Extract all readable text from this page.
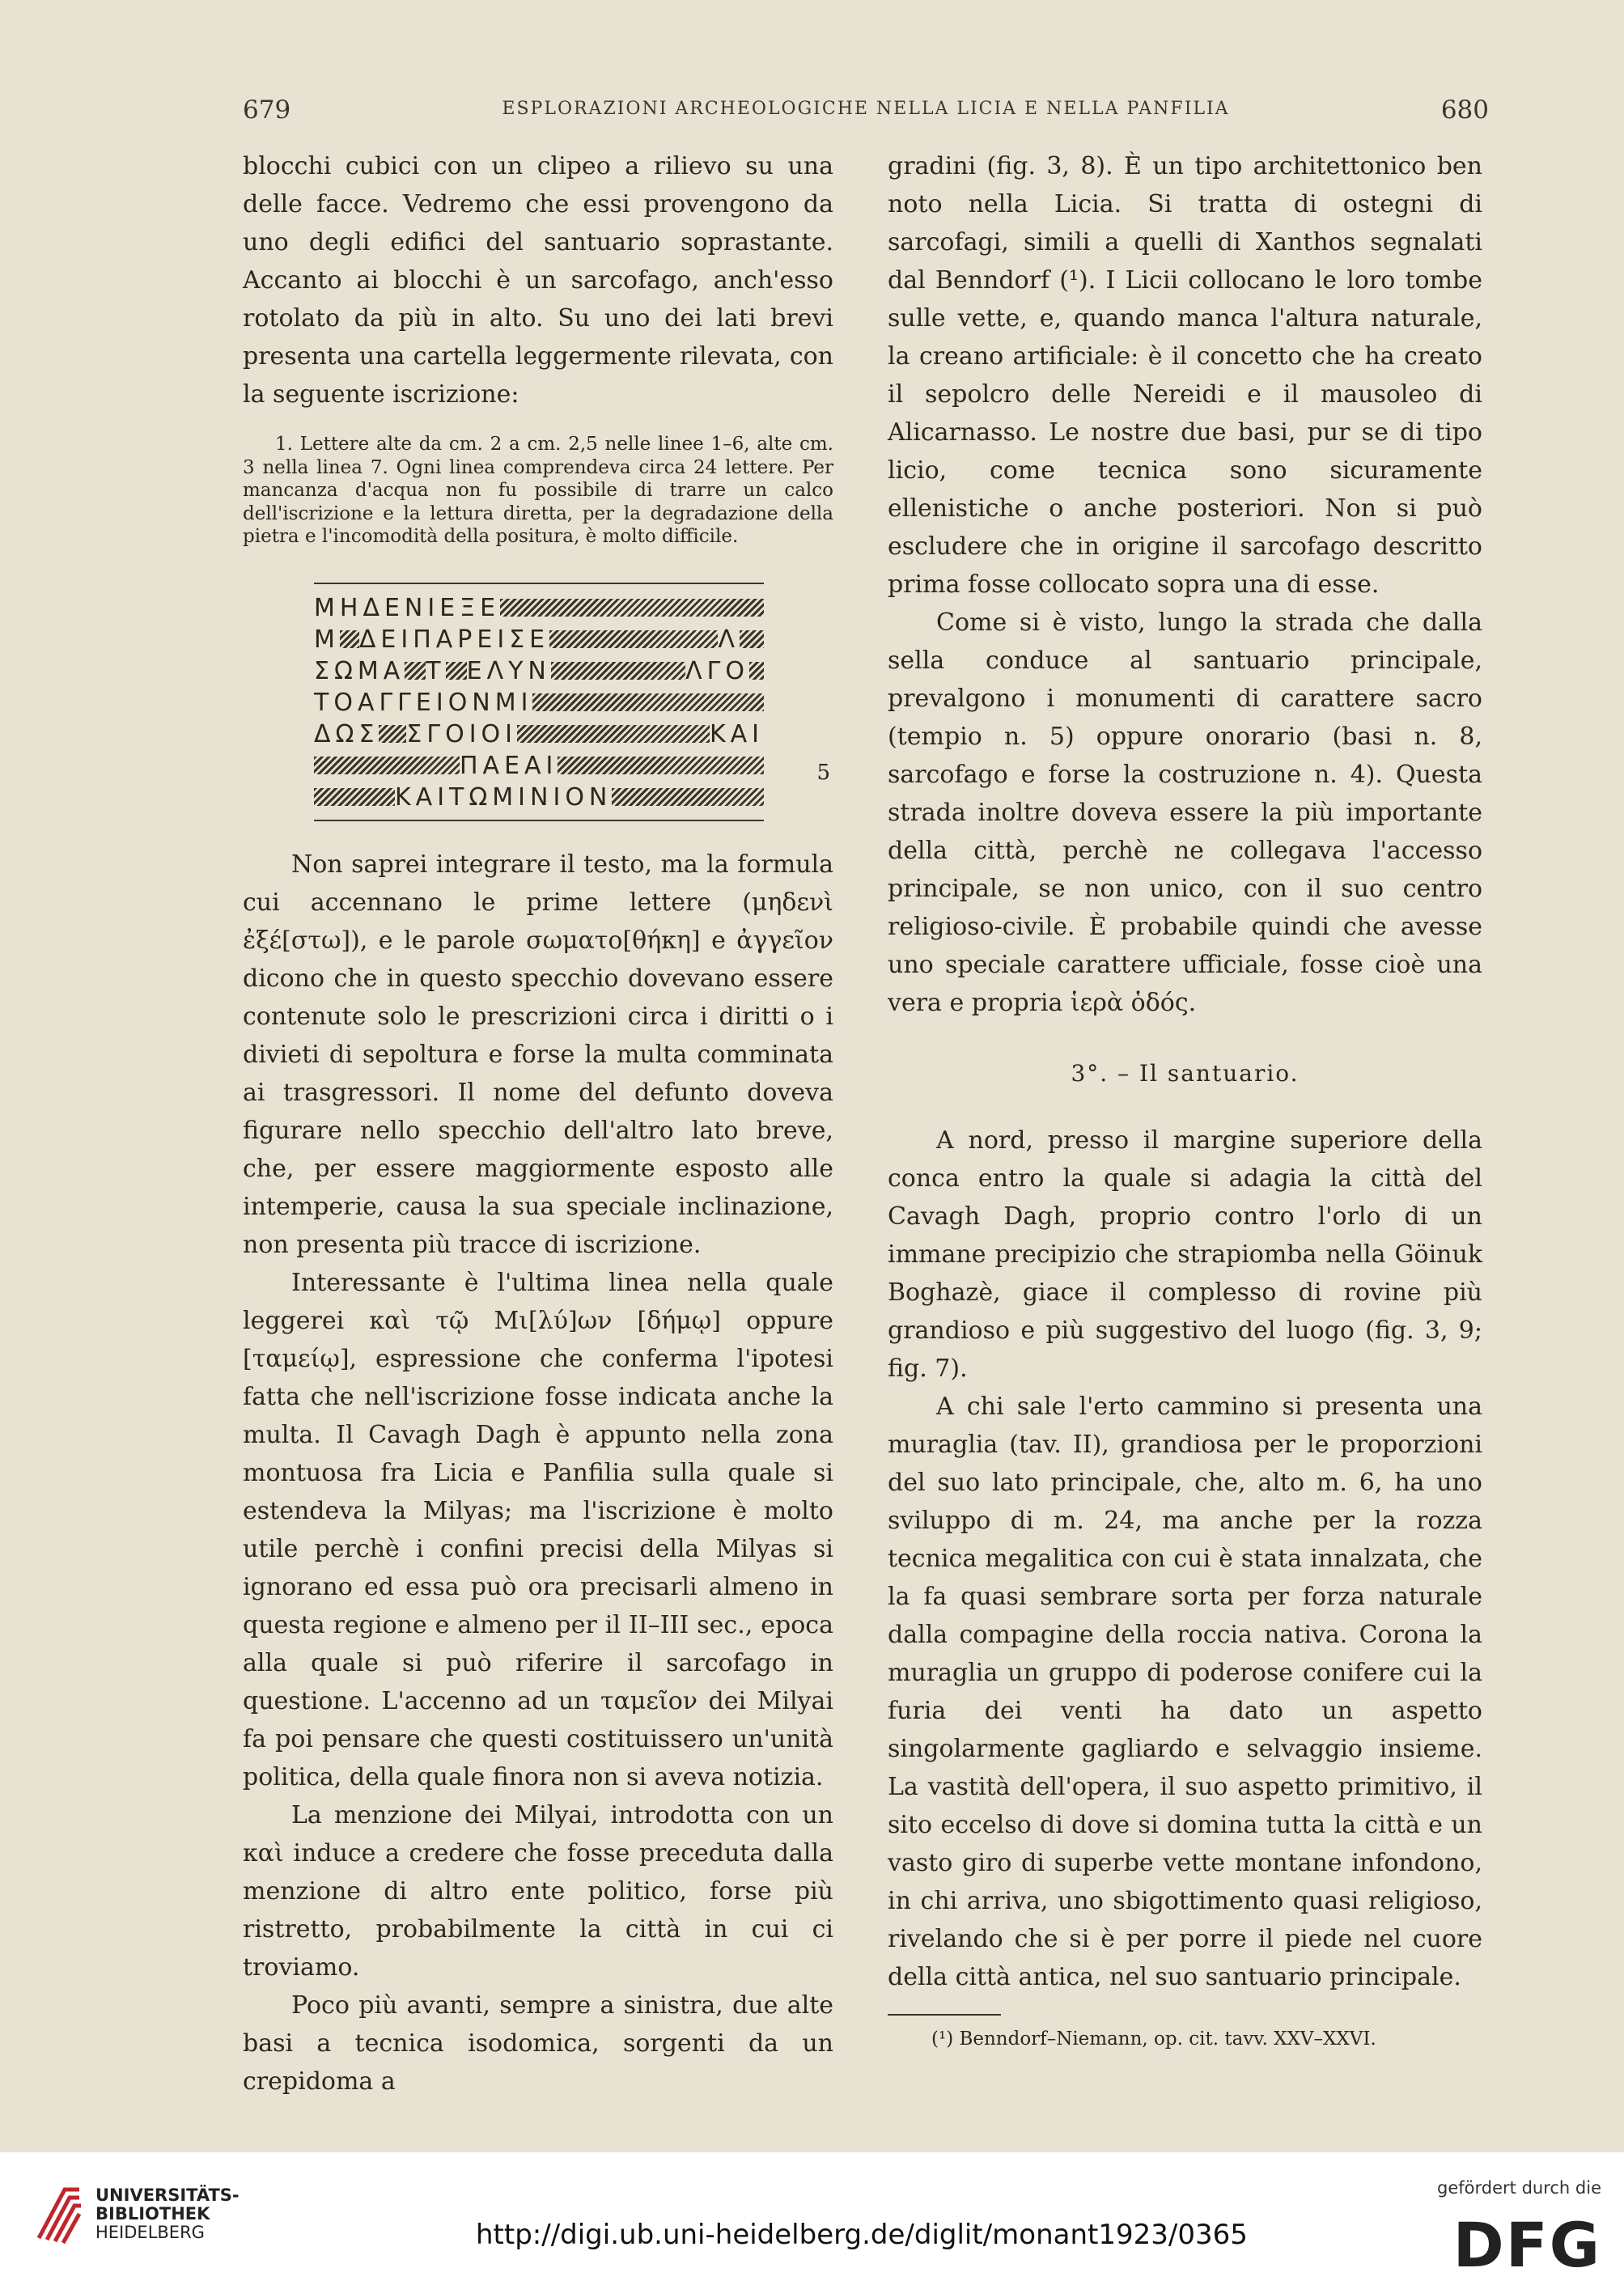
679	ESPLORAZIONI ARCHEOLOGICHE NELLA LICIA E NELLA PANFILIA	680

blocchi cubici con un clipeo a rilievo su una delle facce. Vedremo che essi provengono da uno degli edifici del santuario soprastante. Accanto ai blocchi è un sarcofago, anch'esso rotolato da più in alto. Su uno dei lati brevi presenta una cartella leggermente rilevata, con la seguente iscrizione:

1. Lettere alte da cm. 2 a cm. 2,5 nelle linee 1–6, alte cm. 3 nella linea 7. Ogni linea comprendeva circa 24 lettere. Per mancanza d'acqua non fu possibile di trarre un calco dell'iscrizione e la lettura diretta, per la degradazione della pietra e l'incomodità della positura, è molto difficile.

ΜΗΔΕΝΙΕΞΕ
Μ ΔΕΙΠΑΡΕΙΣΕ	Λ
ΣΩΜΑ Τ ΕΛΥΝ	ΛΓΟ
ΤΟΑΓΓΕΙΟΝΜΙ
ΔΩΣ ΣΓΟΙΟΙ	ΚΑΙ
ΠΑΕΑΙ
ΚΑΙΤΩΜΙΝΙΟΝ
5

Non saprei integrare il testo, ma la formula cui accennano le prime lettere (μηδενὶ ἐξέ[στω]), e le parole σωματο[θήκη] e ἀγγεῖον dicono che in questo specchio dovevano essere contenute solo le prescrizioni circa i diritti o i divieti di sepoltura e forse la multa comminata ai trasgressori. Il nome del defunto doveva figurare nello specchio dell'altro lato breve, che, per essere maggiormente esposto alle intemperie, causa la sua speciale inclinazione, non presenta più tracce di iscrizione.

Interessante è l'ultima linea nella quale leggerei καὶ τῷ Μι[λύ]ων [δήμῳ] oppure [ταμείῳ], espressione che conferma l'ipotesi fatta che nell'iscrizione fosse indicata anche la multa. Il Cavagh Dagh è appunto nella zona montuosa fra Licia e Panfilia sulla quale si estendeva la Milyas; ma l'iscrizione è molto utile perchè i confini precisi della Milyas si ignorano ed essa può ora precisarli almeno in questa regione e almeno per il II–III sec., epoca alla quale si può riferire il sarcofago in questione. L'accenno ad un ταμεῖον dei Milyai fa poi pensare che questi costituissero un'unità politica, della quale finora non si aveva notizia.

La menzione dei Milyai, introdotta con un καὶ induce a credere che fosse preceduta dalla menzione di altro ente politico, forse più ristretto, probabilmente la città in cui ci troviamo.

Poco più avanti, sempre a sinistra, due alte basi a tecnica isodomica, sorgenti da un crepidoma a

gradini (fig. 3, 8). È un tipo architettonico ben noto nella Licia. Si tratta di ostegni di sarcofagi, simili a quelli di Xanthos segnalati dal Benndorf (¹). I Licii collocano le loro tombe sulle vette, e, quando manca l'altura naturale, la creano artificiale: è il concetto che ha creato il sepolcro delle Nereidi e il mausoleo di Alicarnasso. Le nostre due basi, pur se di tipo licio, come tecnica sono sicuramente ellenistiche o anche posteriori. Non si può escludere che in origine il sarcofago descritto prima fosse collocato sopra una di esse.

Come si è visto, lungo la strada che dalla sella conduce al santuario principale, prevalgono i monumenti di carattere sacro (tempio n. 5) oppure onorario (basi n. 8, sarcofago e forse la costruzione n. 4). Questa strada inoltre doveva essere la più importante della città, perchè ne collegava l'accesso principale, se non unico, con il suo centro religioso-civile. È probabile quindi che avesse uno speciale carattere ufficiale, fosse cioè una vera e propria ἱερὰ ὁδός.

3°. – Il santuario.

A nord, presso il margine superiore della conca entro la quale si adagia la città del Cavagh Dagh, proprio contro l'orlo di un immane precipizio che strapiomba nella Göinuk Boghazè, giace il complesso di rovine più grandioso e più suggestivo del luogo (fig. 3, 9; fig. 7).

A chi sale l'erto cammino si presenta una muraglia (tav. II), grandiosa per le proporzioni del suo lato principale, che, alto m. 6, ha uno sviluppo di m. 24, ma anche per la rozza tecnica megalitica con cui è stata innalzata, che la fa quasi sembrare sorta per forza naturale dalla compagine della roccia nativa. Corona la muraglia un gruppo di poderose conifere cui la furia dei venti ha dato un aspetto singolarmente gagliardo e selvaggio insieme. La vastità dell'opera, il suo aspetto primitivo, il sito eccelso di dove si domina tutta la città e un vasto giro di superbe vette montane infondono, in chi arriva, uno sbigottimento quasi religioso, rivelando che si è per porre il piede nel cuore della città antica, nel suo santuario principale.

(¹) Benndorf–Niemann, op. cit. tavv. XXV–XXVI.

UNIVERSITÄTS-
BIBLIOTHEK
HEIDELBERG	http://digi.ub.uni-heidelberg.de/diglit/monant1923/0365
gefördert durch die
DFG
